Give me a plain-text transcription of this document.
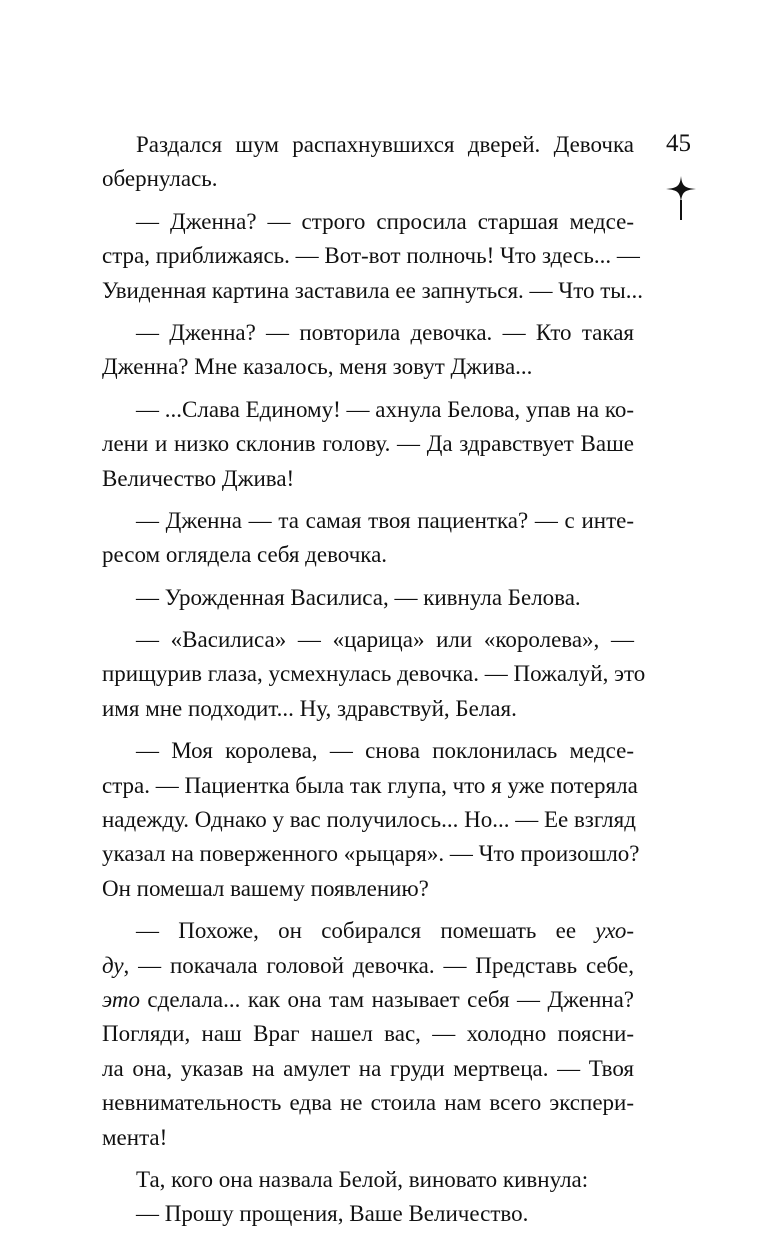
45
Раздался шум распахнувшихся дверей. Девочка
обернулась.
— Дженна? — строго спросила старшая медсе-
стра, приближаясь. — Вот-вот полночь! Что здесь... —
Увиденная картина заставила ее запнуться. — Что ты...
— Дженна? — повторила девочка. — Кто такая
Дженна? Мне казалось, меня зовут Джива...
— ...Слава Единому! — ахнула Белова, упав на ко-
лени и низко склонив голову. — Да здравствует Ваше
Величество Джива!
— Дженна — та самая твоя пациентка? — с инте-
ресом оглядела себя девочка.
— Урожденная Василиса, — кивнула Белова.
— «Василиса» — «царица» или «королева», —
прищурив глаза, усмехнулась девочка. — Пожалуй, это
имя мне подходит... Ну, здравствуй, Белая.
— Моя королева, — снова поклонилась медсе-
стра. — Пациентка была так глупа, что я уже потеряла
надежду. Однако у вас получилось... Но... — Ее взгляд
указал на поверженного «рыцаря». — Что произошло?
Он помешал вашему появлению?
— Похоже, он собирался помешать ее ухо-
ду, — покачала головой девочка. — Представь себе,
это сделала... как она там называет себя — Дженна?
Погляди, наш Враг нашел вас, — холодно поясни-
ла она, указав на амулет на груди мертвеца. — Твоя
невнимательность едва не стоила нам всего экспери-
мента!
Та, кого она назвала Белой, виновато кивнула:
— Прошу прощения, Ваше Величество.
